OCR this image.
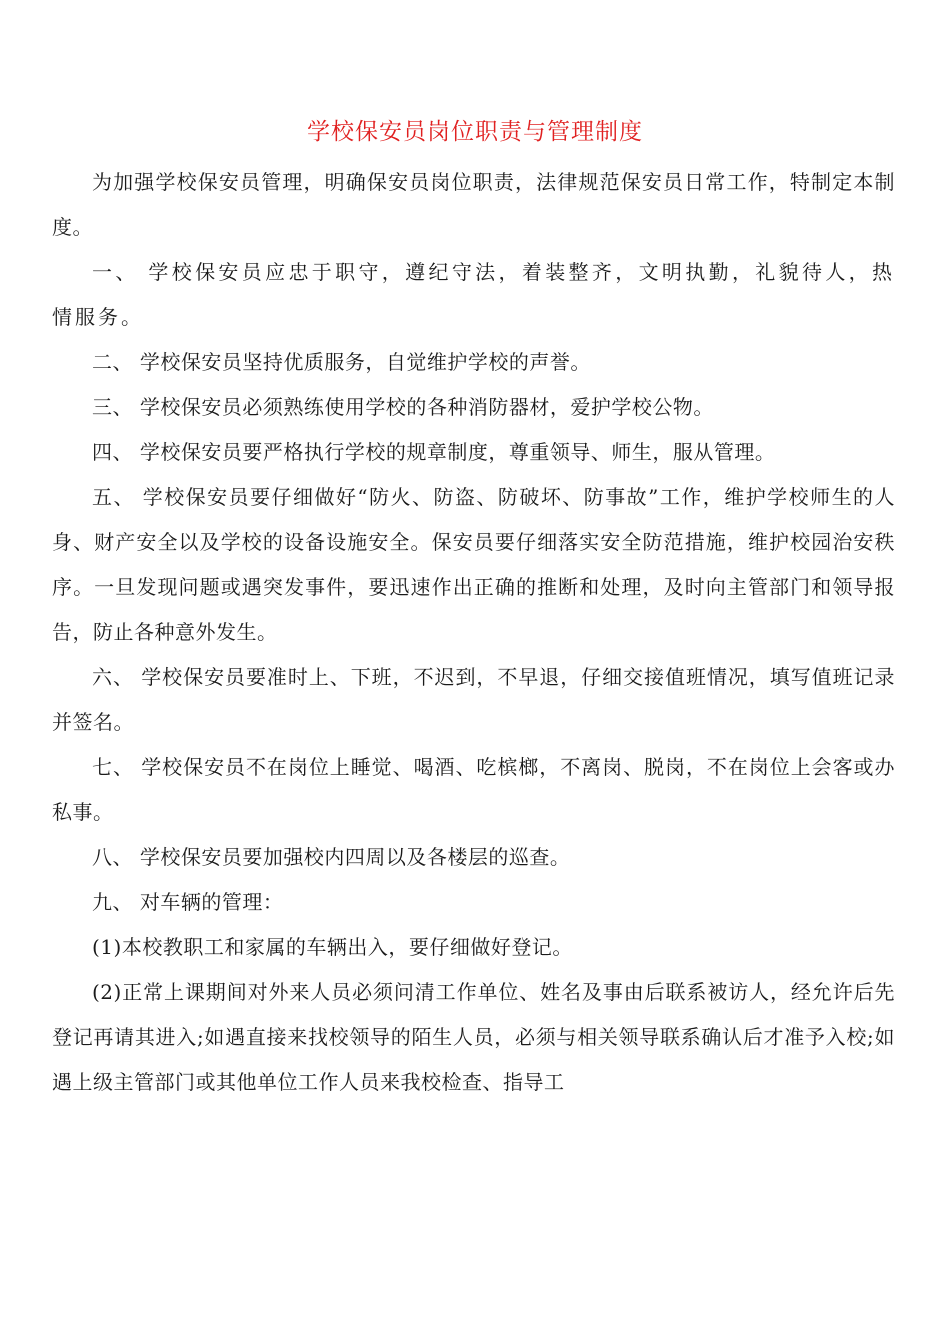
学校保安员岗位职责与管理制度

为加强学校保安员管理，明确保安员岗位职责，法律规范保安员日常工作，特制定本制度。

一、 学校保安员应忠于职守，遵纪守法，着装整齐，文明执勤，礼貌待人，热情服务。

二、 学校保安员坚持优质服务，自觉维护学校的声誉。

三、 学校保安员必须熟练使用学校的各种消防器材，爱护学校公物。

四、 学校保安员要严格执行学校的规章制度，尊重领导、师生，服从管理。

五、 学校保安员要仔细做好“防火、防盗、防破坏、防事故”工作，维护学校师生的人身、财产安全以及学校的设备设施安全。保安员要仔细落实安全防范措施，维护校园治安秩序。一旦发现问题或遇突发事件，要迅速作出正确的推断和处理，及时向主管部门和领导报告，防止各种意外发生。

六、 学校保安员要准时上、下班，不迟到，不早退，仔细交接值班情况，填写值班记录并签名。

七、 学校保安员不在岗位上睡觉、喝酒、吃槟榔，不离岗、脱岗，不在岗位上会客或办私事。

八、 学校保安员要加强校内四周以及各楼层的巡查。

九、 对车辆的管理：

(1)本校教职工和家属的车辆出入，要仔细做好登记。

(2)正常上课期间对外来人员必须问清工作单位、姓名及事由后联系被访人，经允许后先登记再请其进入;如遇直接来找校领导的陌生人员，必须与相关领导联系确认后才准予入校;如遇上级主管部门或其他单位工作人员来我校检查、指导工
